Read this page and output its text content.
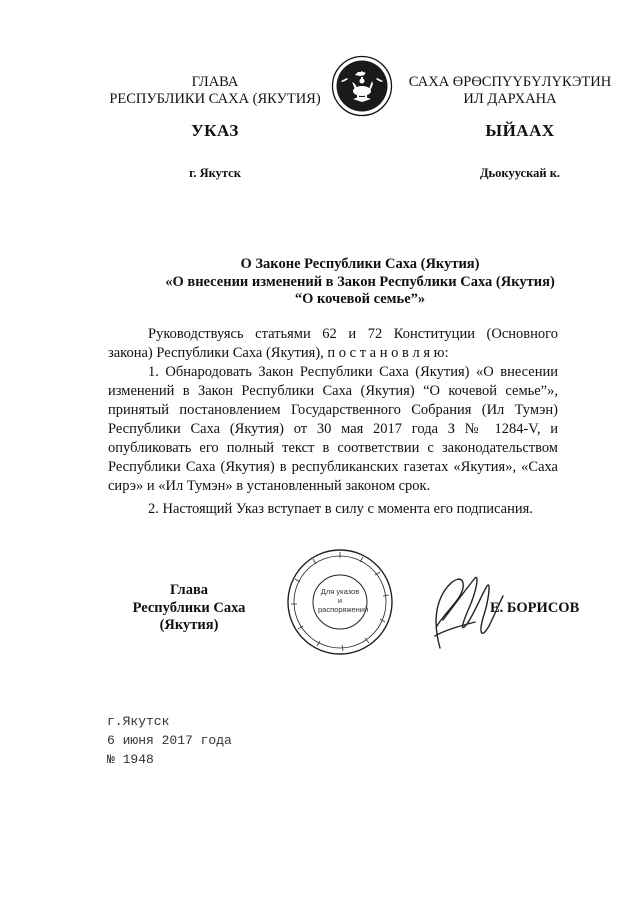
ГЛАВА
РЕСПУБЛИКИ САХА (ЯКУТИЯ)
САХА ӨРӨСПҮҮБҮЛҮКЭТИН
ИЛ ДАРХАНА
УКАЗ	ЫЙААХ
г. Якутск	Дьокуускай к.
О Законе Республики Саха (Якутия)
«О внесении изменений в Закон Республики Саха (Якутия)
“О кочевой семье”»
Руководствуясь статьями 62 и 72 Конституции (Основного закона) Республики Саха (Якутия), п о с т а н о в л я ю:
1. Обнародовать Закон Республики Саха (Якутия) «О внесении изменений в Закон Республики Саха (Якутия) “О кочевой семье”», принятый постановлением Государственного Собрания (Ил Тумэн) Республики Саха (Якутия) от 30 мая 2017 года З № 1284-V, и опубликовать его полный текст в соответствии с законодательством Республики Саха (Якутия) в республиканских газетах «Якутия», «Саха сирэ» и «Ил Тумэн» в установленный законом срок.
2. Настоящий Указ вступает в силу с момента его подписания.
Глава
Республики Саха (Якутия)
Для указов и распоряжений	Е. БОРИСОВ
г.Якутск
6 июня 2017 года
№ 1948
